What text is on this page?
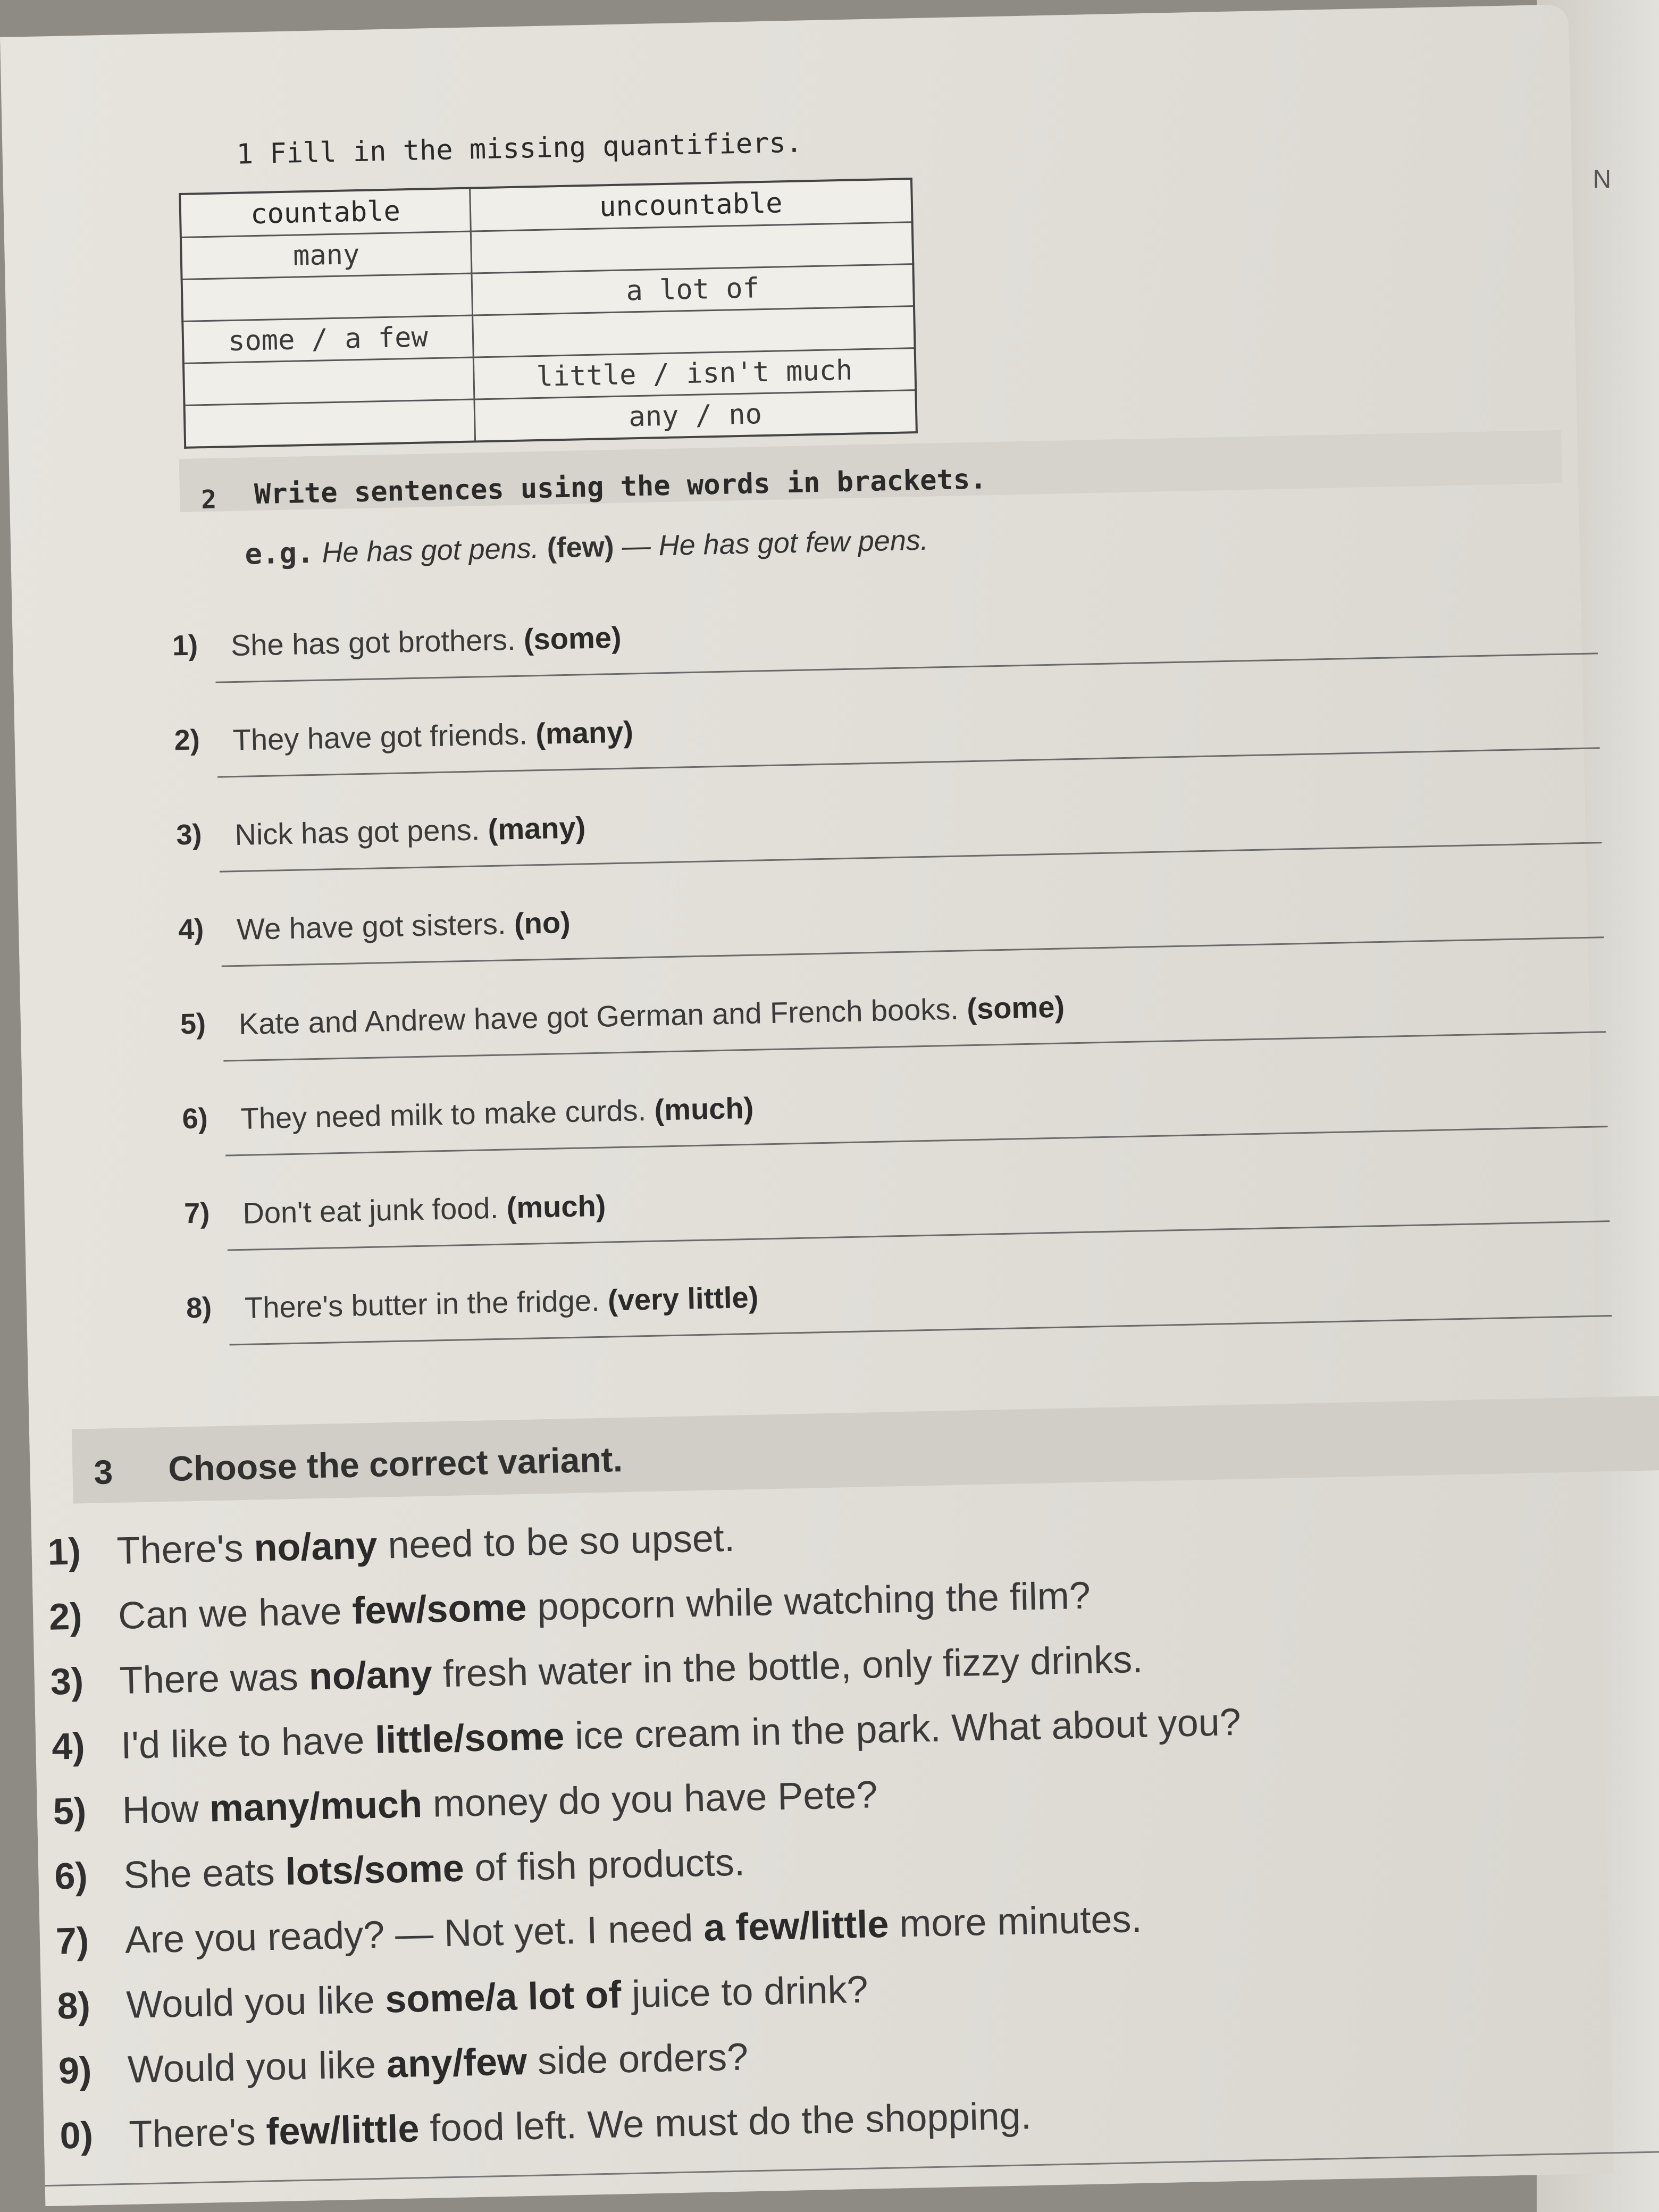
N
1 Fill in the missing quantifiers.
countable	uncountable
many	
	a lot of
some / a few	
	little / isn't much
	any / no
2 Write sentences using the words in brackets.
e.g. He has got pens. (few) — He has got few pens.
1) She has got brothers. (some)
2) They have got friends. (many)
3) Nick has got pens. (many)
4) We have got sisters. (no)
5) Kate and Andrew have got German and French books. (some)
6) They need milk to make curds. (much)
7) Don't eat junk food. (much)
8) There's butter in the fridge. (very little)
3 Choose the correct variant.
1) There's no/any need to be so upset.
2) Can we have few/some popcorn while watching the film?
3) There was no/any fresh water in the bottle, only fizzy drinks.
4) I'd like to have little/some ice cream in the park. What about you?
5) How many/much money do you have Pete?
6) She eats lots/some of fish products.
7) Are you ready? — Not yet. I need a few/little more minutes.
8) Would you like some/a lot of juice to drink?
9) Would you like any/few side orders?
0) There's few/little food left. We must do the shopping.
